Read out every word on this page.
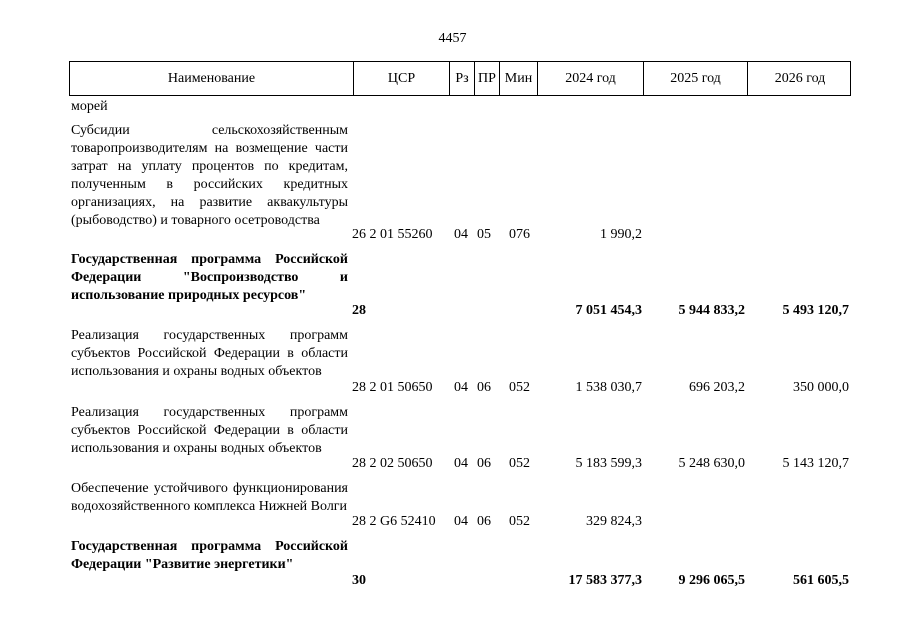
4457
Наименование	ЦСР	Рз ПР Мин	2024 год	2025 год	2026 год
морей
Субсидии сельскохозяйственным товаропроизводителям на возмещение части затрат на уплату процентов по кредитам, полученным в российских кредитных организациях, на развитие аквакультуры (рыбоводство) и товарного осетроводства
26 2 01 55260 04 05 076	1 990,2
Государственная программа Российской Федерации "Воспроизводство и использование природных ресурсов"
28	7 051 454,3	5 944 833,2	5 493 120,7
Реализация государственных программ субъектов Российской Федерации в области использования и охраны водных объектов
28 2 01 50650 04 06 052	1 538 030,7	696 203,2	350 000,0
Реализация государственных программ субъектов Российской Федерации в области использования и охраны водных объектов
28 2 02 50650 04 06 052	5 183 599,3	5 248 630,0	5 143 120,7
Обеспечение устойчивого функционирования водохозяйственного комплекса Нижней Волги
28 2 G6 52410 04 06 052	329 824,3
Государственная программа Российской Федерации "Развитие энергетики"
30	17 583 377,3	9 296 065,5	561 605,5
